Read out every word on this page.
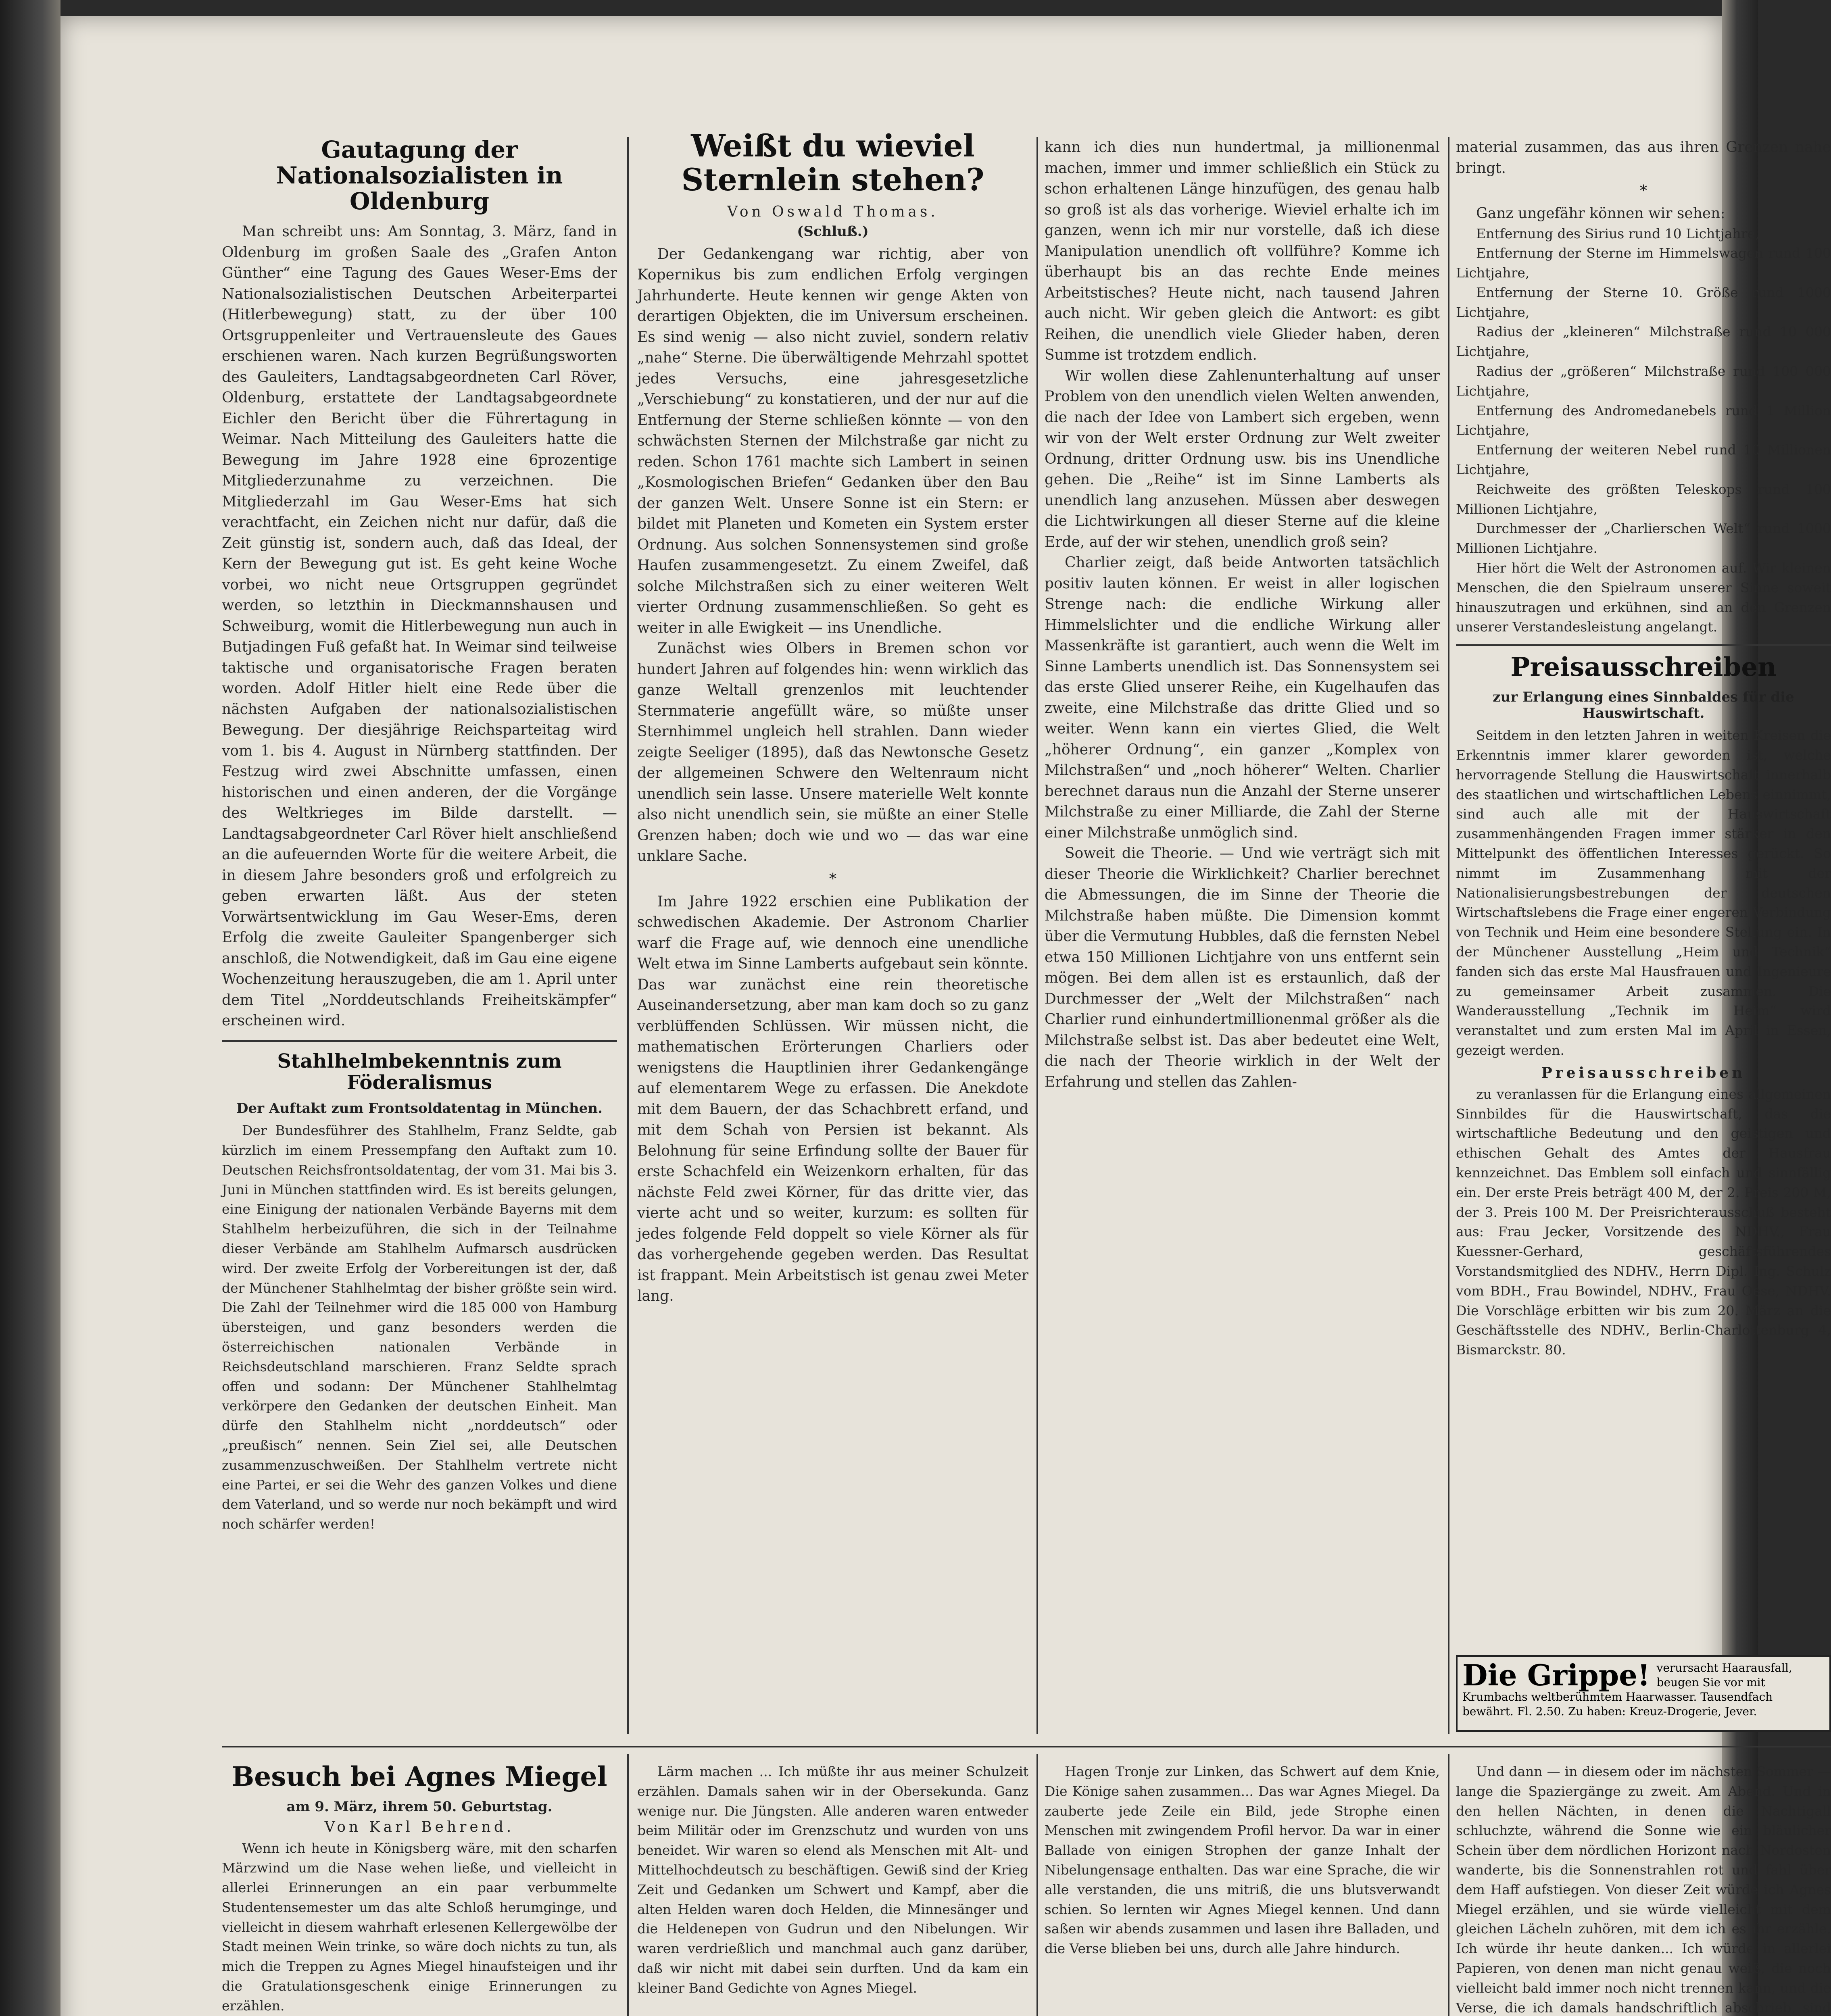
Gautagung der Nationalsozialisten in Oldenburg

Man schreibt uns: Am Sonntag, 3. März, fand in Oldenburg im großen Saale des „Grafen Anton Günther“ eine Tagung des Gaues Weser-Ems der Nationalsozialistischen Deutschen Arbeiterpartei (Hitlerbewegung) statt, zu der über 100 Ortsgruppenleiter und Vertrauensleute des Gaues erschienen waren. Nach kurzen Begrüßungsworten des Gauleiters, Landtagsabgeordneten Carl Röver, Oldenburg, erstattete der Landtagsabgeordnete Eichler den Bericht über die Führertagung in Weimar. Nach Mitteilung des Gauleiters hatte die Bewegung im Jahre 1928 eine 6prozentige Mitgliederzunahme zu verzeichnen. Die Mitgliederzahl im Gau Weser-Ems hat sich verachtfacht, ein Zeichen nicht nur dafür, daß die Zeit günstig ist, sondern auch, daß das Ideal, der Kern der Bewegung gut ist. Es geht keine Woche vorbei, wo nicht neue Ortsgruppen gegründet werden, so letzthin in Dieckmannshausen und Schweiburg, womit die Hitlerbewegung nun auch in Butjadingen Fuß gefaßt hat. In Weimar sind teilweise taktische und organisatorische Fragen beraten worden. Adolf Hitler hielt eine Rede über die nächsten Aufgaben der nationalsozialistischen Bewegung. Der diesjährige Reichsparteitag wird vom 1. bis 4. August in Nürnberg stattfinden. Der Festzug wird zwei Abschnitte umfassen, einen historischen und einen anderen, der die Vorgänge des Weltkrieges im Bilde darstellt. — Landtagsabgeordneter Carl Röver hielt anschließend an die aufeuernden Worte für die weitere Arbeit, die in diesem Jahre besonders groß und erfolgreich zu geben erwarten läßt. Aus der steten Vorwärtsentwicklung im Gau Weser-Ems, deren Erfolg die zweite Gauleiter Spangenberger sich anschloß, die Notwendigkeit, daß im Gau eine eigene Wochenzeitung herauszugeben, die am 1. April unter dem Titel „Norddeutschlands Freiheitskämpfer“ erscheinen wird.

Stahlhelmbekenntnis zum Föderalismus
Der Auftakt zum Frontsoldatentag in München.

Der Bundesführer des Stahlhelm, Franz Seldte, gab kürzlich im einem Pressempfang den Auftakt zum 10. Deutschen Reichsfrontsoldatentag, der vom 31. Mai bis 3. Juni in München stattfinden wird. Es ist bereits gelungen, eine Einigung der nationalen Verbände Bayerns mit dem Stahlhelm herbeizuführen, die sich in der Teilnahme dieser Verbände am Stahlhelm Aufmarsch ausdrücken wird. Der zweite Erfolg der Vorbereitungen ist der, daß der Münchener Stahlhelmtag der bisher größte sein wird. Die Zahl der Teilnehmer wird die 185 000 von Hamburg übersteigen, und ganz besonders werden die österreichischen nationalen Verbände in Reichsdeutschland marschieren. Franz Seldte sprach offen und sodann: Der Münchener Stahlhelmtag verkörpere den Gedanken der deutschen Einheit. Man dürfe den Stahlhelm nicht „norddeutsch“ oder „preußisch“ nennen. Sein Ziel sei, alle Deutschen zusammenzuschweißen. Der Stahlhelm vertrete nicht eine Partei, er sei die Wehr des ganzen Volkes und diene dem Vaterland, und so werde nur noch bekämpft und wird noch schärfer werden!

Weißt du wieviel Sternlein stehen?
Von Oswald Thomas.
(Schluß.)

Der Gedankengang war richtig, aber von Kopernikus bis zum endlichen Erfolg vergingen Jahrhunderte. Heute kennen wir genge Akten von derartigen Objekten, die im Universum erscheinen. Es sind wenig — also nicht zuviel, sondern relativ „nahe“ Sterne. Die überwältigende Mehrzahl spottet jedes Versuchs, eine jahresgesetzliche „Verschiebung“ zu konstatieren, und der nur auf die Entfernung der Sterne schließen könnte — von den schwächsten Sternen der Milchstraße gar nicht zu reden. Schon 1761 machte sich Lambert in seinen „Kosmologischen Briefen“ Gedanken über den Bau der ganzen Welt. Unsere Sonne ist ein Stern: er bildet mit Planeten und Kometen ein System erster Ordnung. Aus solchen Sonnensystemen sind große Haufen zusammengesetzt. Zu einem Zweifel, daß solche Milchstraßen sich zu einer weiteren Welt vierter Ordnung zusammenschließen. So geht es weiter in alle Ewigkeit — ins Unendliche.

Zunächst wies Olbers in Bremen schon vor hundert Jahren auf folgendes hin: wenn wirklich das ganze Weltall grenzenlos mit leuchtender Sternmaterie angefüllt wäre, so müßte unser Sternhimmel ungleich hell strahlen. Dann wieder zeigte Seeliger (1895), daß das Newtonsche Gesetz der allgemeinen Schwere den Weltenraum nicht unendlich sein lasse. Unsere materielle Welt konnte also nicht unendlich sein, sie müßte an einer Stelle Grenzen haben; doch wie und wo — das war eine unklare Sache.

*

Im Jahre 1922 erschien eine Publikation der schwedischen Akademie. Der Astronom Charlier warf die Frage auf, wie dennoch eine unendliche Welt etwa im Sinne Lamberts aufgebaut sein könnte. Das war zunächst eine rein theoretische Auseinandersetzung, aber man kam doch so zu ganz verblüffenden Schlüssen. Wir müssen nicht, die mathematischen Erörterungen Charliers oder wenigstens die Hauptlinien ihrer Gedankengänge auf elementarem Wege zu erfassen. Die Anekdote mit dem Bauern, der das Schachbrett erfand, und mit dem Schah von Persien ist bekannt. Als Belohnung für seine Erfindung sollte der Bauer für erste Schachfeld ein Weizenkorn erhalten, für das nächste Feld zwei Körner, für das dritte vier, das vierte acht und so weiter, kurzum: es sollten für jedes folgende Feld doppelt so viele Körner als für das vorhergehende gegeben werden. Das Resultat ist frappant. Mein Arbeitstisch ist genau zwei Meter lang.

kann ich dies nun hundertmal, ja millionenmal machen, immer und immer schließlich ein Stück zu schon erhaltenen Länge hinzufügen, des genau halb so groß ist als das vorherige. Wieviel erhalte ich im ganzen, wenn ich mir nur vorstelle, daß ich diese Manipulation unendlich oft vollführe? Komme ich überhaupt bis an das rechte Ende meines Arbeitstisches? Heute nicht, nach tausend Jahren auch nicht. Wir geben gleich die Antwort: es gibt Reihen, die unendlich viele Glieder haben, deren Summe ist trotzdem endlich.

Wir wollen diese Zahlenunterhaltung auf unser Problem von den unendlich vielen Welten anwenden, die nach der Idee von Lambert sich ergeben, wenn wir von der Welt erster Ordnung zur Welt zweiter Ordnung, dritter Ordnung usw. bis ins Unendliche gehen. Die „Reihe“ ist im Sinne Lamberts als unendlich lang anzusehen. Müssen aber deswegen die Lichtwirkungen all dieser Sterne auf die kleine Erde, auf der wir stehen, unendlich groß sein?

Charlier zeigt, daß beide Antworten tatsächlich positiv lauten können. Er weist in aller logischen Strenge nach: die endliche Wirkung aller Himmelslichter und die endliche Wirkung aller Massenkräfte ist garantiert, auch wenn die Welt im Sinne Lamberts unendlich ist. Das Sonnensystem sei das erste Glied unserer Reihe, ein Kugelhaufen das zweite, eine Milchstraße das dritte Glied und so weiter. Wenn kann ein viertes Glied, die Welt „höherer Ordnung“, ein ganzer „Komplex von Milchstraßen“ und „noch höherer“ Welten. Charlier berechnet daraus nun die Anzahl der Sterne unserer Milchstraße zu einer Milliarde, die Zahl der Sterne einer Milchstraße unmöglich sind.

Soweit die Theorie. — Und wie verträgt sich mit dieser Theorie die Wirklichkeit? Charlier berechnet die Abmessungen, die im Sinne der Theorie die Milchstraße haben müßte. Die Dimension kommt über die Vermutung Hubbles, daß die fernsten Nebel etwa 150 Millionen Lichtjahre von uns entfernt sein mögen. Bei dem allen ist es erstaunlich, daß der Durchmesser der „Welt der Milchstraßen“ nach Charlier rund einhundertmillionenmal größer als die Milchstraße selbst ist. Das aber bedeutet eine Welt, die nach der Theorie wirklich in der Welt der Erfahrung und stellen das Zahlen-

material zusammen, das aus ihren Grenzen nahe bringt.

*

Ganz ungefähr können wir sehen:

Entfernung des Sirius rund 10 Lichtjahre,

Entfernung der Sterne im Himmelswagen rund 100 Lichtjahre,

Entfernung der Sterne 10. Größe rund 1000 Lichtjahre,

Radius der „kleineren“ Milchstraße rund 10 000 Lichtjahre,

Radius der „größeren“ Milchstraße rund 100 000 Lichtjahre,

Entfernung des Andromedanebels rund 1 Million Lichtjahre,

Entfernung der weiteren Nebel rund 10 Millionen Lichtjahre,

Reichweite des größten Teleskops rund 100 Millionen Lichtjahre,

Durchmesser der „Charlierschen Welt“ rund 1000 Millionen Lichtjahre.

Hier hört die Welt der Astronomen auf. Wir kleinen Menschen, die den Spielraum unserer Sinne soweit hinauszutragen und erkühnen, sind an den Grenzen unserer Verstandesleistung angelangt.

Preisausschreiben
zur Erlangung eines Sinnbaldes für die Hauswirtschaft.

Seitdem in den letzten Jahren in weiten Kreisen die Erkenntnis immer klarer geworden ist, welche hervorragende Stellung die Hauswirtschaft innerhalb des staatlichen und wirtschaftlichen Lebens einnimmt, sind auch alle mit der Hauswirtschaft zusammenhängenden Fragen immer stärker in den Mittelpunkt des öffentlichen Interesses gerückt. So nimmt im Zusammenhang mit der Nationalisierungsbestrebungen der deutschen Wirtschaftslebens die Frage einer engeren Verbindung von Technik und Heim eine besondere Stellung ein. In der Münchener Ausstellung „Heim und Technik“ fanden sich das erste Mal Hausfrauen und Ingenieure zu gemeinsamer Arbeit zusammen. Die Wanderausstellung „Technik im Heim“ wird veranstaltet und zum ersten Mal im April in Essen, gezeigt werden.

Preisausschreiben

zu veranlassen für die Erlangung eines allgemeinen Sinnbildes für die Hauswirtschaft, das die wirtschaftliche Bedeutung und den geistigen und ethischen Gehalt des Amtes der Hausfrau kennzeichnet. Das Emblem soll einfach und sinnfällig ein. Der erste Preis beträgt 400 M, der 2. Preis 200 M, der 3. Preis 100 M. Der Preisrichterausschuß besteht aus: Frau Jecker, Vorsitzende des NDHV., Frau Kuessner-Gerhard, geschäftsführendes Vorstandsmitglied des NDHV., Herrn Dipl. Ing. Schulz vom BDH., Frau Bowindel, NDHV., Frau Oese, NDHV. Die Vorschläge erbitten wir bis zum 20. März an die Geschäftsstelle des NDHV., Berlin-Charlottenburg 4, Bismarckstr. 80.

Die Grippe! verursacht Haarausfall, beugen Sie vor mit Krumbachs weltberühmtem Haarwasser. Tausendfach bewährt. Fl. 2.50. Zu haben: Kreuz-Drogerie, Jever.
Besuch bei Agnes Miegel
am 9. März, ihrem 50. Geburtstag.
Von Karl Behrend.

Wenn ich heute in Königsberg wäre, mit den scharfen Märzwind um die Nase wehen ließe, und vielleicht in allerlei Erinnerungen an ein paar verbummelte Studentensemester um das alte Schloß herumginge, und vielleicht in diesem wahrhaft erlesenen Kellergewölbe der Stadt meinen Wein trinke, so wäre doch nichts zu tun, als mich die Treppen zu Agnes Miegel hinaufsteigen und ihr die Gratulationsgeschenk einige Erinnerungen zu erzählen.

Lärm machen ... Ich müßte ihr aus meiner Schulzeit erzählen. Damals sahen wir in der Obersekunda. Ganz wenige nur. Die Jüngsten. Alle anderen waren entweder beim Militär oder im Grenzschutz und wurden von uns beneidet. Wir waren so elend als Menschen mit Alt- und Mittelhochdeutsch zu beschäftigen. Gewiß sind der Krieg Zeit und Gedanken um Schwert und Kampf, aber die alten Helden waren doch Helden, die Minnesänger und die Heldenepen von Gudrun und den Nibelungen. Wir waren verdrießlich und manchmal auch ganz darüber, daß wir nicht mit dabei sein durften. Und da kam ein kleiner Band Gedichte von Agnes Miegel.

Hagen Tronje zur Linken, das Schwert auf dem Knie, Die Könige sahen zusammen... Das war Agnes Miegel. Da zauberte jede Zeile ein Bild, jede Strophe einen Menschen mit zwingendem Profil hervor. Da war in einer Ballade von einigen Strophen der ganze Inhalt der Nibelungensage enthalten. Das war eine Sprache, die wir alle verstanden, die uns mitriß, die uns blutsverwandt schien. So lernten wir Agnes Miegel kennen. Und dann saßen wir abends zusammen und lasen ihre Balladen, und die Verse blieben bei uns, durch alle Jahre hindurch.

Und dann — in diesem oder im nächsten Sommer — lange die Spaziergänge zu zweit. Am Abend. Und in den hellen Nächten, in denen die Nachtigall schluchzte, während die Sonne wie ein bläulicher Schein über dem nördlichen Horizont nach Nordosten wanderte, bis die Sonnenstrahlen rot und fahl über dem Haff aufstiegen. Von dieser Zeit würde ich Agnes Miegel erzählen, und sie würde vielleicht mit dem gleichen Lächeln zuhören, mit dem ich es ihr erzähle. Ich würde ihr heute danken... Ich würde in allerlei Papieren, von denen man nicht genau weiß, die noch vielleicht bald immer noch nicht trennen kann, und die Verse, die ich damals handschriftlich abschrieb, sind
